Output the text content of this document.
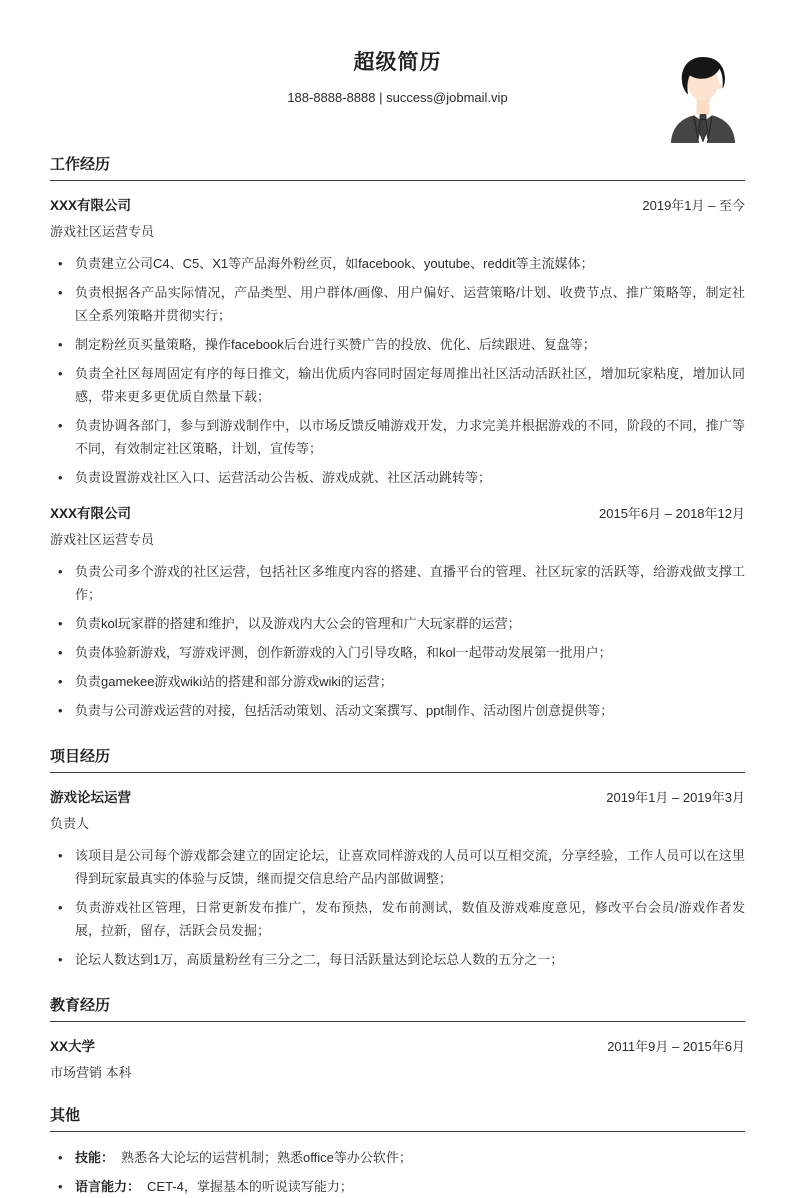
超级简历

188-8888-8888 | success@jobmail.vip

工作经历
XXX有限公司	2019年1月 – 至今

游戏社区运营专员

• 负责建立公司C4、C5、X1等产品海外粉丝页，如facebook、youtube、reddit等主流媒体；
• 负责根据各产品实际情况，产品类型、用户群体/画像、用户偏好、运营策略/计划、收费节点、推广策略等，制定社区全系列策略并贯彻实行；
• 制定粉丝页买量策略，操作facebook后台进行买赞广告的投放、优化、后续跟进、复盘等；
• 负责全社区每周固定有序的每日推文，输出优质内容同时固定每周推出社区活动活跃社区，增加玩家粘度，增加认同感，带来更多更优质自然量下载；
• 负责协调各部门，参与到游戏制作中，以市场反馈反哺游戏开发，力求完美并根据游戏的不同，阶段的不同，推广等不同，有效制定社区策略，计划，宣传等；
• 负责设置游戏社区入口、运营活动公告板、游戏成就、社区活动跳转等；
XXX有限公司	2015年6月 – 2018年12月

游戏社区运营专员

• 负责公司多个游戏的社区运营，包括社区多维度内容的搭建、直播平台的管理、社区玩家的活跃等，给游戏做支撑工作；
• 负责kol玩家群的搭建和维护，以及游戏内大公会的管理和广大玩家群的运营；
• 负责体验新游戏，写游戏评测，创作新游戏的入门引导攻略，和kol一起带动发展第一批用户；
• 负责gamekee游戏wiki站的搭建和部分游戏wiki的运营；
• 负责与公司游戏运营的对接，包括活动策划、活动文案撰写、ppt制作、活动图片创意提供等；
项目经历
游戏论坛运营	2019年1月 – 2019年3月

负责人

• 该项目是公司每个游戏都会建立的固定论坛，让喜欢同样游戏的人员可以互相交流，分享经验，工作人员可以在这里得到玩家最真实的体验与反馈，继而提交信息给产品内部做调整；
• 负责游戏社区管理，日常更新发布推广，发布预热，发布前测试，数值及游戏难度意见，修改平台会员/游戏作者发展，拉新，留存，活跃会员发掘；
• 论坛人数达到1万，高质量粉丝有三分之二，每日活跃量达到论坛总人数的五分之一；
教育经历
XX大学	2011年9月 – 2015年6月

市场营销 本科

其他
• 技能： 熟悉各大论坛的运营机制；熟悉office等办公软件；
• 语言能力： CET-4，掌握基本的听说读写能力；
